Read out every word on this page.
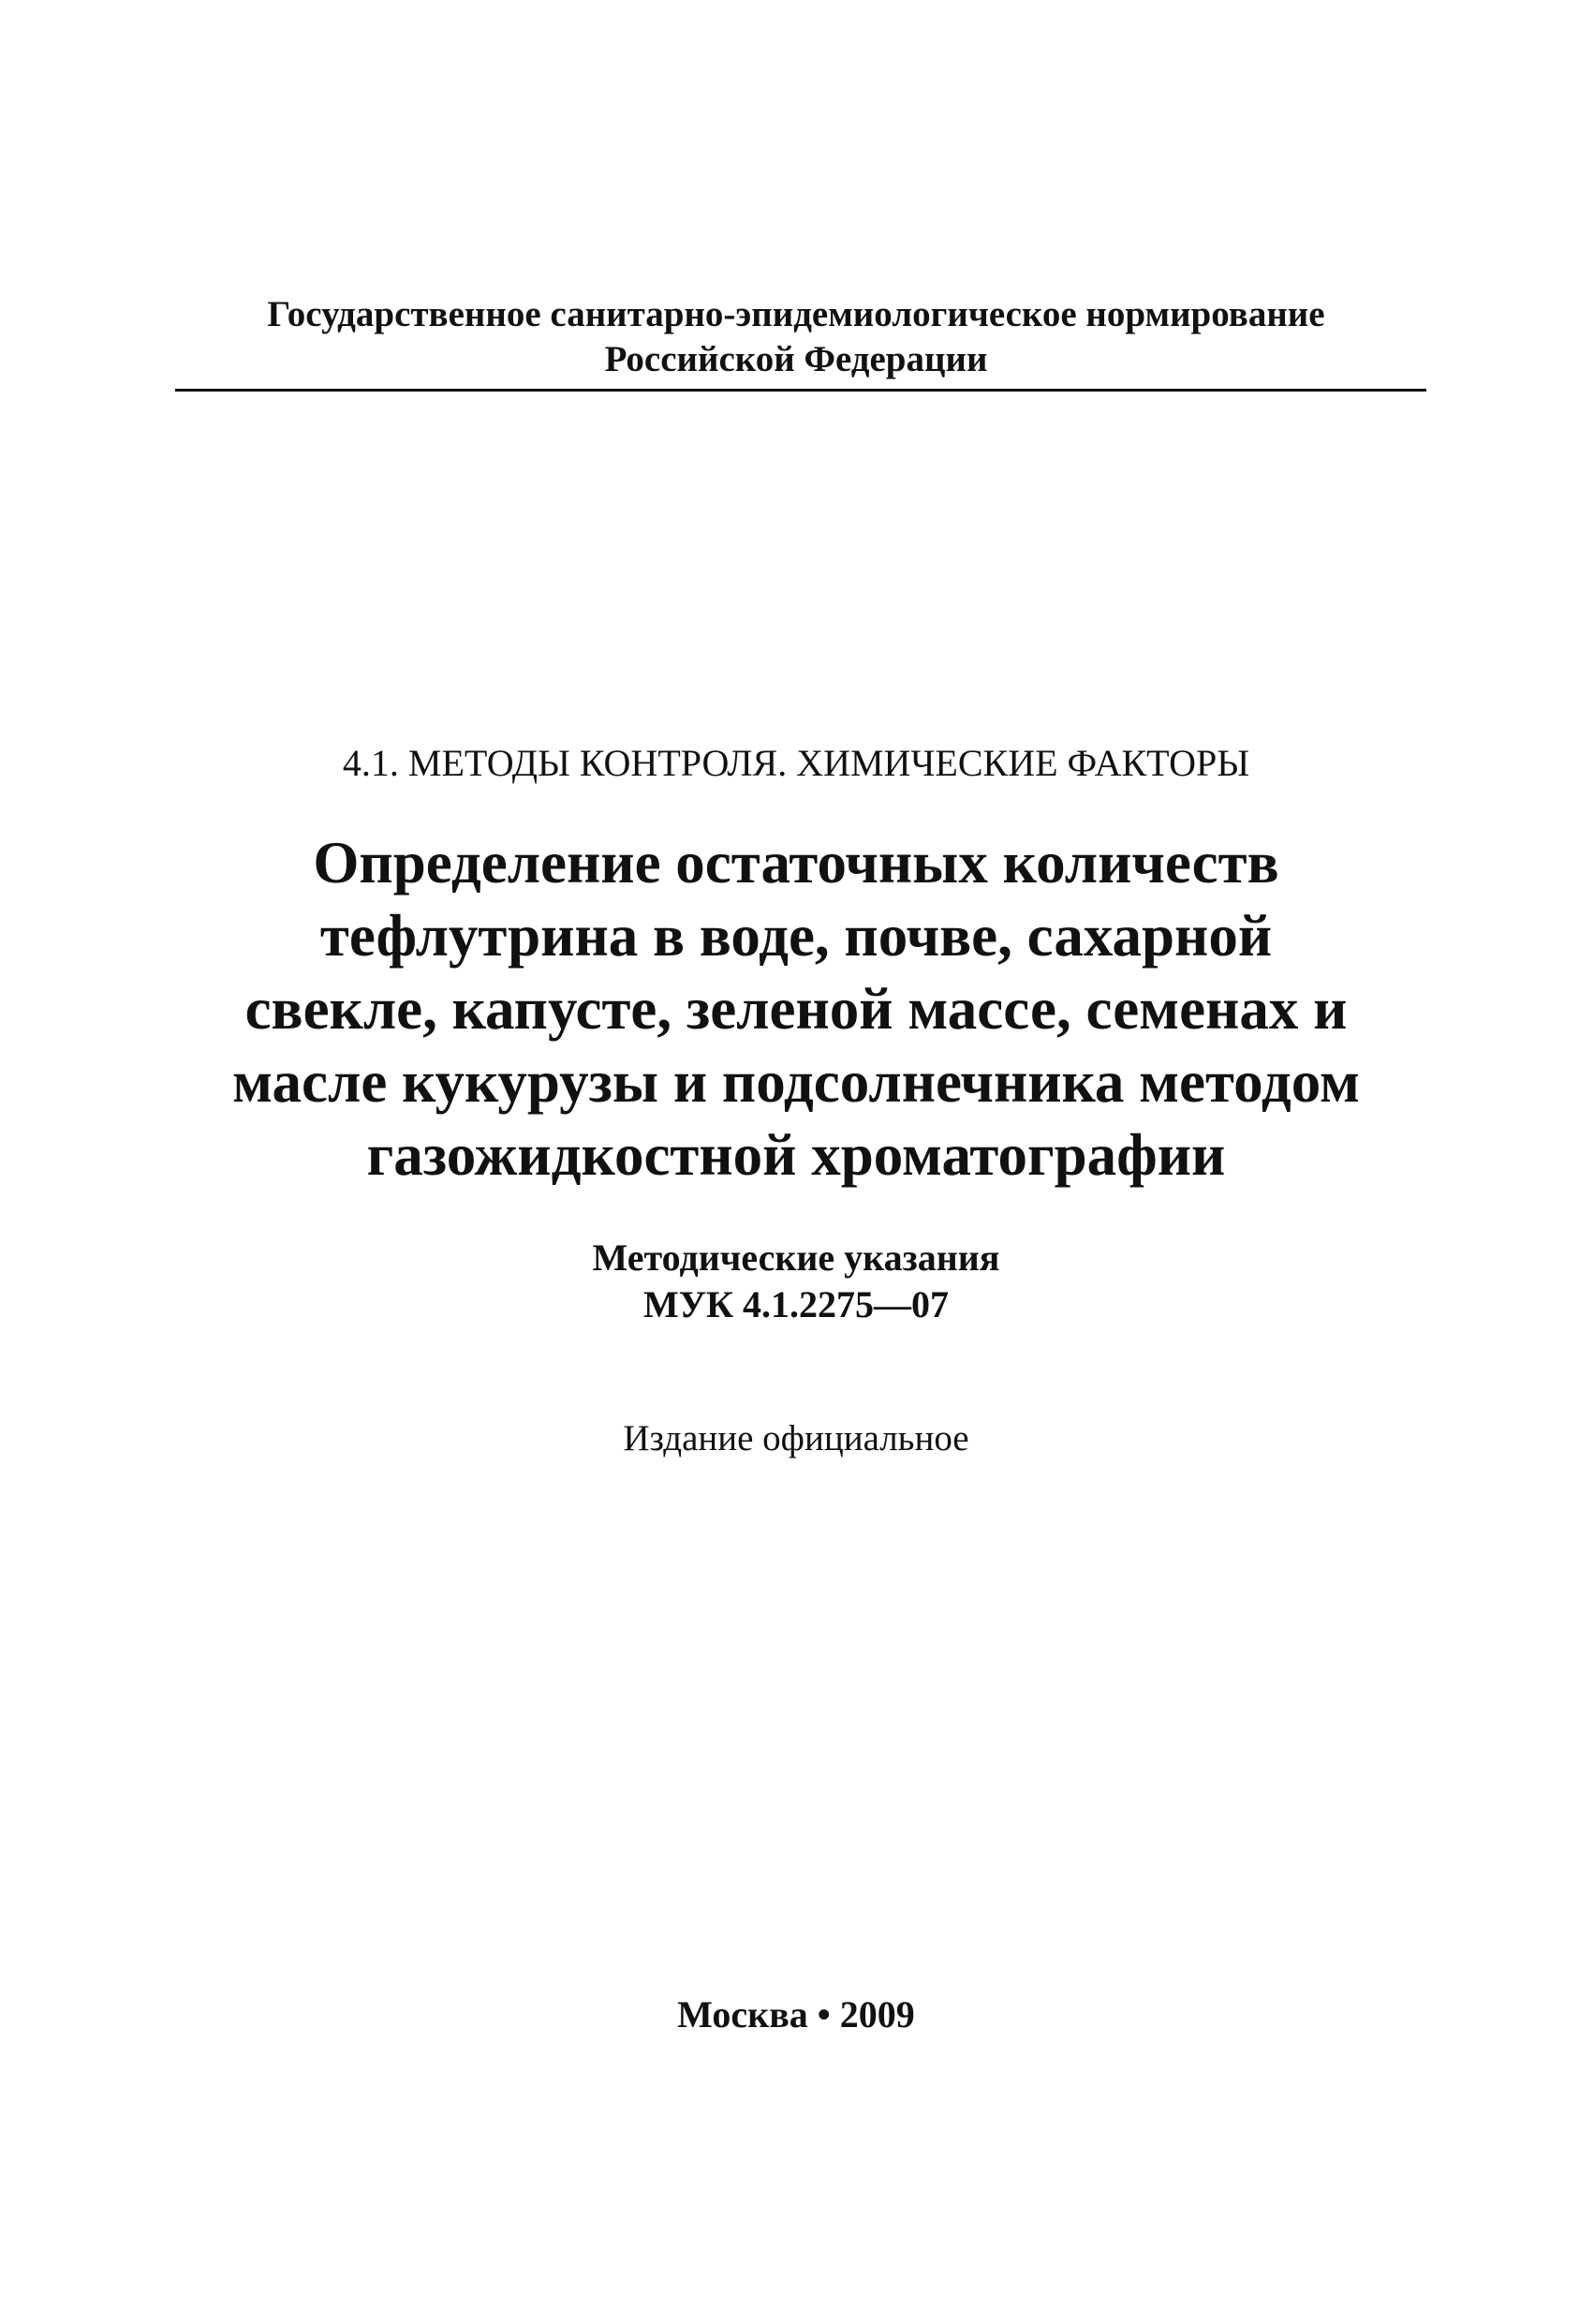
Государственное санитарно-эпидемиологическое нормирование
Российской Федерации
4.1. МЕТОДЫ КОНТРОЛЯ. ХИМИЧЕСКИЕ ФАКТОРЫ
Определение остаточных количеств
тефлутрина в воде, почве, сахарной
свекле, капусте, зеленой массе, семенах и
масле кукурузы и подсолнечника методом
газожидкостной хроматографии
Методические указания
МУК 4.1.2275—07
Издание официальное
Москва • 2009
